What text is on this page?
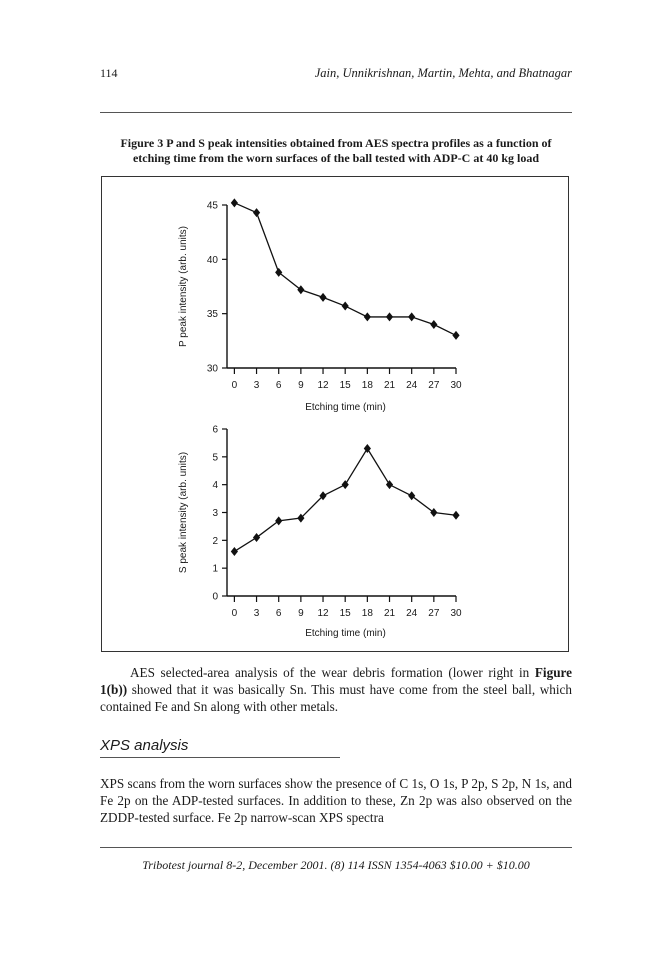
114	Jain, Unnikrishnan, Martin, Mehta, and Bhatnagar
Figure 3 P and S peak intensities obtained from AES spectra profiles as a function of
etching time from the worn surfaces of the ball tested with ADP-C at 40 kg load
30
35
40
45
0 3 6 9 12 15 18 21 24 27 30
Etching time (min)
P peak intensity (arb. units)
0
1
2
3
4
5
6
0 3 6 9 12 15 18 21 24 27 30
Etching time (min)
S peak intensity (arb. units)
AES selected-area analysis of the wear debris formation (lower right in Figure 1(b)) showed that it was basically Sn. This must have come from the steel ball, which contained Fe and Sn along with other metals.
XPS analysis
XPS scans from the worn surfaces show the presence of C 1s, O 1s, P 2p, S 2p, N 1s, and Fe 2p on the ADP-tested surfaces. In addition to these, Zn 2p was also observed on the ZDDP-tested surface. Fe 2p narrow-scan XPS spectra
Tribotest journal 8-2, December 2001. (8) 114 ISSN 1354-4063 $10.00 + $10.00
